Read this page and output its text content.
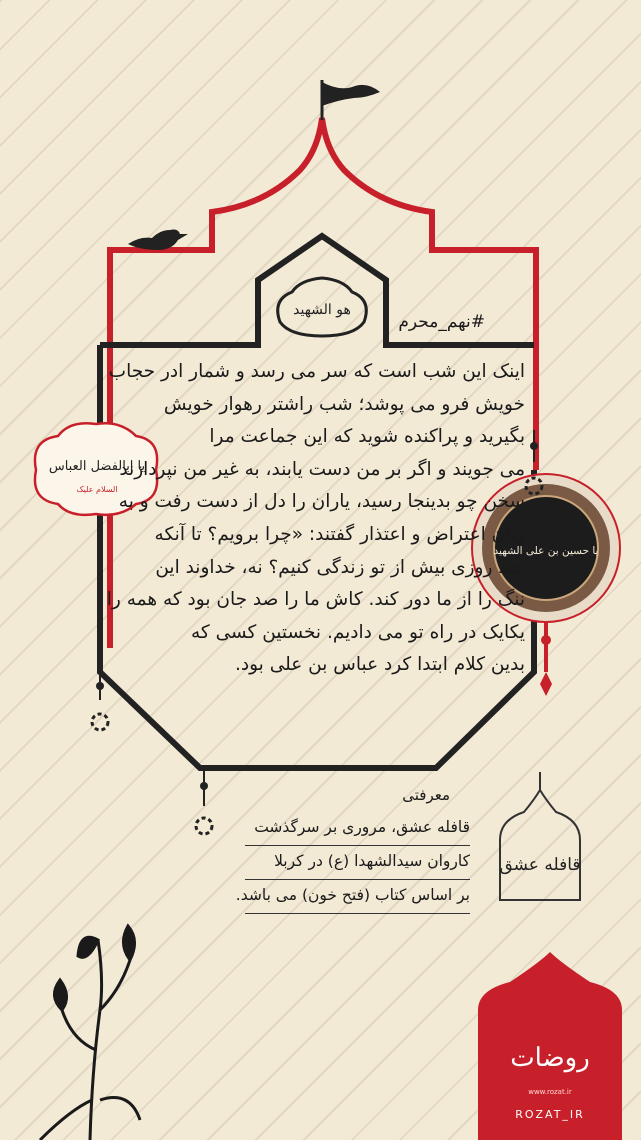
هو الشهید
یا ابالفضل العباس
السلام علیک
یا حسین بن علی الشهید
قافله عشق
روضات
#نهم_محرم
اینک این شب است که سر می رسد و شمار ادر حجاب
خویش فرو می پوشد؛ شب راشتر رهوار خویش
بگیرید و پراکنده شوید که این جماعت مرا
می جویند و اگر بر من دست یابند، به غیر من نپردازند
سخن چو بدینجا رسید، یاران را دل از دست رفت و به
زبان اعتراض و اعتذار گفتند: «چرا برویم؟ تا آنکه
چند روزی بیش از تو زندگی کنیم؟ نه، خداوند این
ننگ را از ما دور کند. کاش ما را صد جان بود که همه را
یکایک در راه تو می دادیم. نخستین کسی که
بدین کلام ابتدا کرد عباس بن علی بود.
معرفتی
قافله عشق، مروری بر سرگذشت
کاروان سیدالشهدا (ع) در کربلا
بر اساس کتاب (فتح خون) می باشد.
www.rozat.ir
ROZAT_IR
